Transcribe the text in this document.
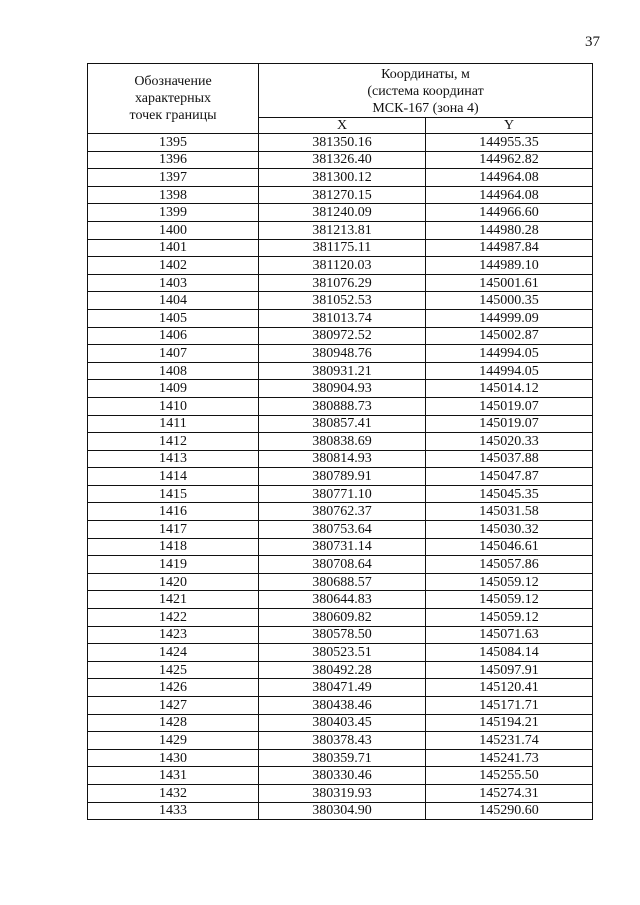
37
Обозначение
характерных
точек границы	Координаты, м
(система координат
МСК-167 (зона 4)	

	X	Y
1395	381350.16	144955.35
1396	381326.40	144962.82
1397	381300.12	144964.08
1398	381270.15	144964.08
1399	381240.09	144966.60
1400	381213.81	144980.28
1401	381175.11	144987.84
1402	381120.03	144989.10
1403	381076.29	145001.61
1404	381052.53	145000.35
1405	381013.74	144999.09
1406	380972.52	145002.87
1407	380948.76	144994.05
1408	380931.21	144994.05
1409	380904.93	145014.12
1410	380888.73	145019.07
1411	380857.41	145019.07
1412	380838.69	145020.33
1413	380814.93	145037.88
1414	380789.91	145047.87
1415	380771.10	145045.35
1416	380762.37	145031.58
1417	380753.64	145030.32
1418	380731.14	145046.61
1419	380708.64	145057.86
1420	380688.57	145059.12
1421	380644.83	145059.12
1422	380609.82	145059.12
1423	380578.50	145071.63
1424	380523.51	145084.14
1425	380492.28	145097.91
1426	380471.49	145120.41
1427	380438.46	145171.71
1428	380403.45	145194.21
1429	380378.43	145231.74
1430	380359.71	145241.73
1431	380330.46	145255.50
1432	380319.93	145274.31
1433	380304.90	145290.60
